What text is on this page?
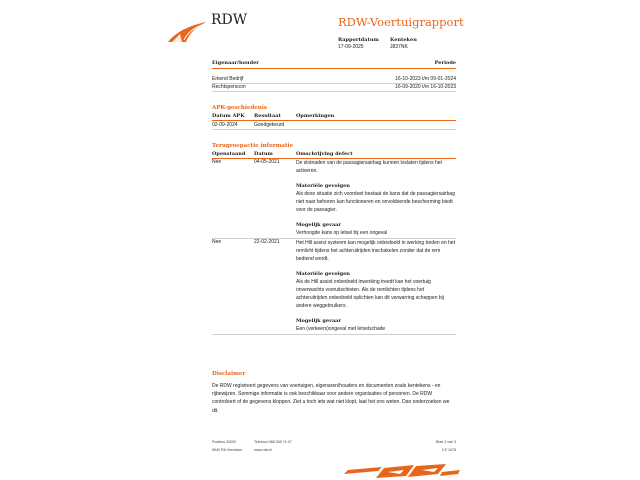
RDW	RDW-Voertuigrapport
Rapportdatum
17-09-2025
Kenteken
J837NK
Eigenaar/houder	Periode
Erkend Bedrijf	16-10-2023 t/m 09-01-2024
Rechtspersoon	16-09-2020 t/m 16-10-2023
APK-geschiedenis
Datum APK Resultaat	Opmerkingen
02-09-2024	Goedgekeurd
Terugroepactie informatie
Openstaand Datum	Omschrijving defect
Nee	04-05-2021	De slotnaden van de passagiersairbag kunnen loslaten tijdens het activeren.

Materiële gevolgen

Als deze situatie zich voordoet bestaat de kans dat de passagiersairbag niet naar behoren kan functioneren en onvoldoende bescherming biedt voor de passagier.

Mogelijk gevaar

Verhoogde kans op letsel bij een ongeval

Nee	22-02-2021	Het Hill assist systeem kan mogelijk onbedoeld in werking treden en het remlicht tijdens het achteruitrijden inschakelen zonder dat de rem bediend wordt.

Materiële gevolgen

Als de Hill assist onbedoeld inwerking treedt kan het voertuig onverwachts vooruitschieten. Als de remlichten tijdens het achteruitrijden onbedoeld oplichten kan dit verwarring scheppen bij andere weggebruikers.

Mogelijk gevaar

Een (verkeers)ongeval met letselschade

Disclaimer
De RDW registreert gegevens van voertuigen, eigenaren/houders en documenten zoals kentekens - en rijbewijzen. Sommige informatie is ook beschikbaar voor andere organisaties of personen. De RDW controleert of de gegevens kloppen. Ziet u toch iets wat niet klopt, laat het ons weten. Dan onderzoeken we dit.
Postbus 30000
9640 RA Veendam
Telefoon 088 008 74 47
www.rdw.nl
Blad 3 van 3
3 E 1078
